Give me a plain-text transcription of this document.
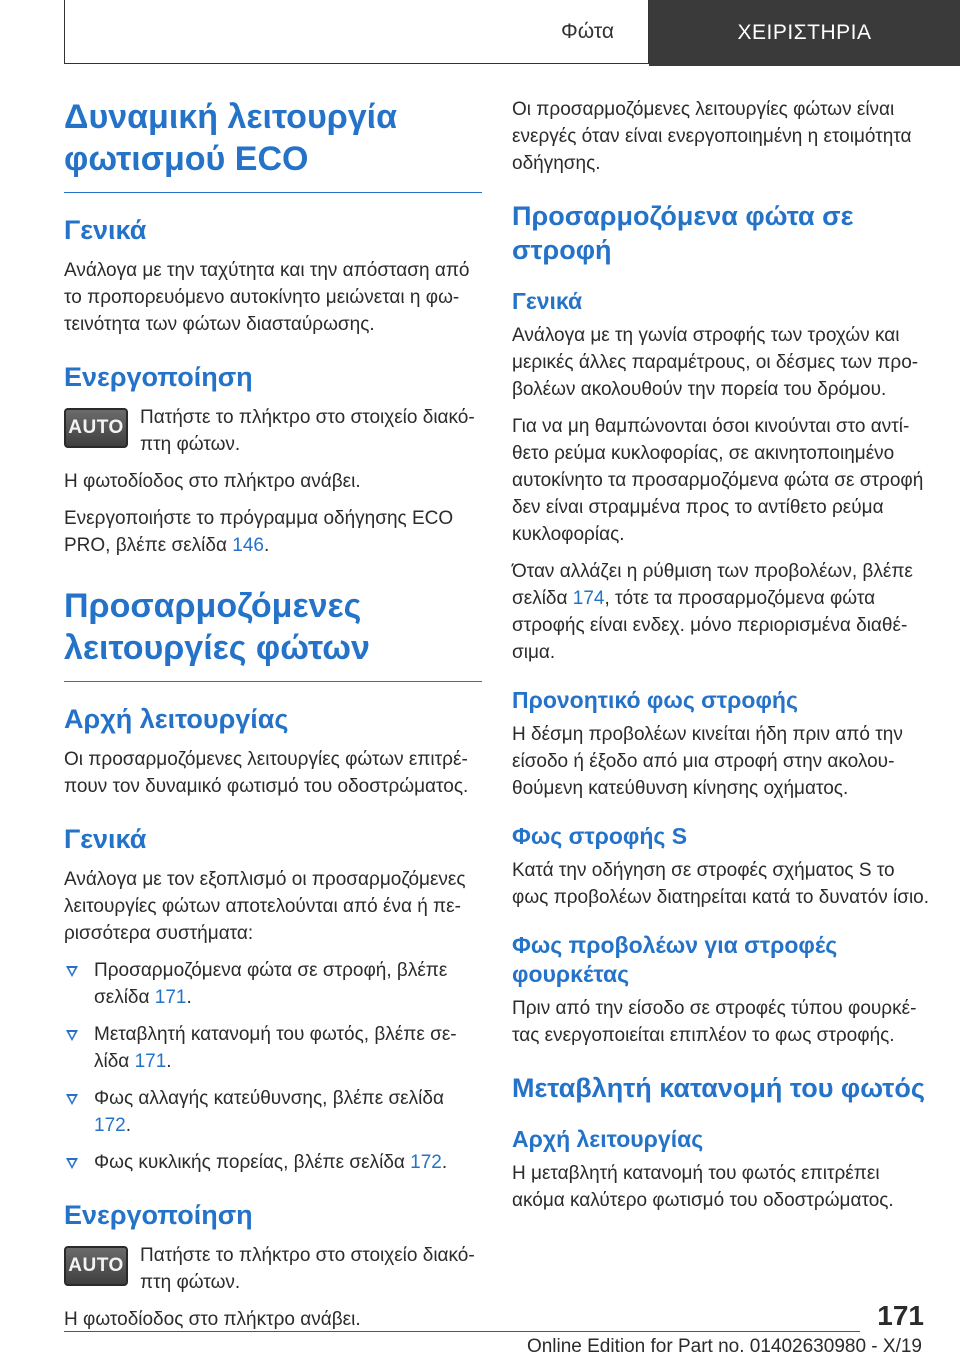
Φώτα	ΧΕΙΡΙΣΤΗΡΙΑ
Δυναμική λειτουργία φωτισμού ECO
Γενικά

Ανάλογα με την ταχύτητα και την απόσταση από το προπορευόμενο αυτοκίνητο μειώνεται η φωτεινότητα των φώτων διασταύρωσης.

Ενεργοποίηση
AUTO Πατήστε το πλήκτρο στο στοιχείο διακόπτη φώτων.

Η φωτοδίοδος στο πλήκτρο ανάβει.

Ενεργοποιήστε το πρόγραμμα οδήγησης ECO PRO, βλέπε σελίδα 146.

Προσαρμοζόμενες λειτουργίες φώτων
Αρχή λειτουργίας

Οι προσαρμοζόμενες λειτουργίες φώτων επιτρέπουν τον δυναμικό φωτισμό του οδοστρώματος.

Γενικά

Ανάλογα με τον εξοπλισμό οι προσαρμοζόμενες λειτουργίες φώτων αποτελούνται από ένα ή περισσότερα συστήματα:

Προσαρμοζόμενα φώτα σε στροφή, βλέπε σελίδα 171.
Μεταβλητή κατανομή του φωτός, βλέπε σελίδα 171.
Φως αλλαγής κατεύθυνσης, βλέπε σελίδα 172.
Φως κυκλικής πορείας, βλέπε σελίδα 172.
Ενεργοποίηση
AUTO Πατήστε το πλήκτρο στο στοιχείο διακόπτη φώτων.

Η φωτοδίοδος στο πλήκτρο ανάβει.

Οι προσαρμοζόμενες λειτουργίες φώτων είναι ενεργές όταν είναι ενεργοποιημένη η ετοιμότητα οδήγησης.

Προσαρμοζόμενα φώτα σε στροφή
Γενικά

Ανάλογα με τη γωνία στροφής των τροχών και μερικές άλλες παραμέτρους, οι δέσμες των προβολέων ακολουθούν την πορεία του δρόμου.

Για να μη θαμπώνονται όσοι κινούνται στο αντίθετο ρεύμα κυκλοφορίας, σε ακινητοποιημένο αυτοκίνητο τα προσαρμοζόμενα φώτα σε στροφή δεν είναι στραμμένα προς το αντίθετο ρεύμα κυκλοφορίας.

Όταν αλλάζει η ρύθμιση των προβολέων, βλέπε σελίδα 174, τότε τα προσαρμοζόμενα φώτα στροφής είναι ενδεχ. μόνο περιορισμένα διαθέσιμα.

Προνοητικό φως στροφής

Η δέσμη προβολέων κινείται ήδη πριν από την είσοδο ή έξοδο από μια στροφή στην ακολουθούμενη κατεύθυνση κίνησης οχήματος.

Φως στροφής S

Κατά την οδήγηση σε στροφές σχήματος S το φως προβολέων διατηρείται κατά το δυνατόν ίσιο.

Φως προβολέων για στροφές φουρκέτας

Πριν από την είσοδο σε στροφές τύπου φουρκέτας ενεργοποιείται επιπλέον το φως στροφής.

Μεταβλητή κατανομή του φωτός
Αρχή λειτουργίας

Η μεταβλητή κατανομή του φωτός επιτρέπει ακόμα καλύτερο φωτισμό του οδοστρώματος.

171
Online Edition for Part no. 01402630980 - X/19
